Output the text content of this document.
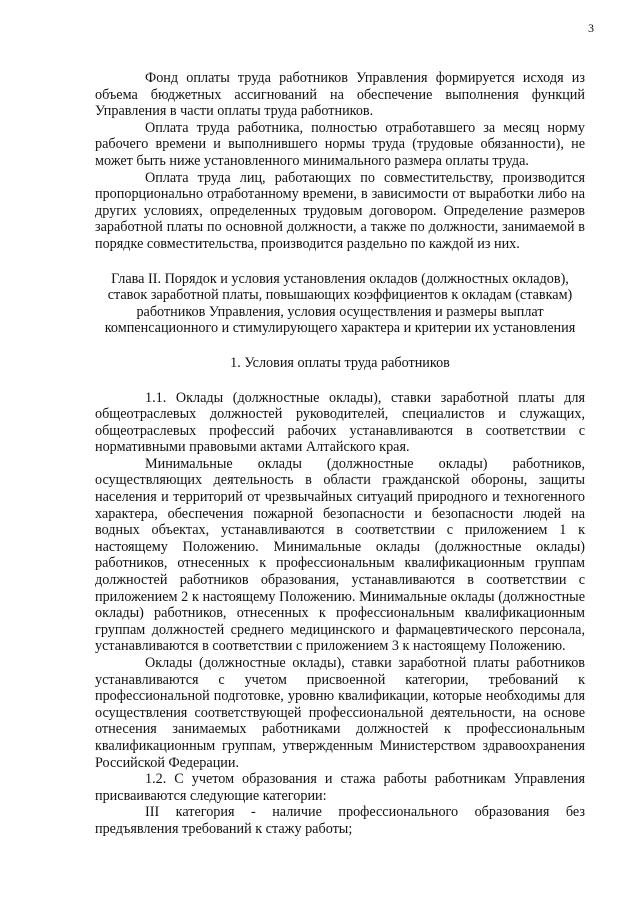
3

Фонд оплаты труда работников Управления формируется исходя из объема бюджетных ассигнований на обеспечение выполнения функций Управления в части оплаты труда работников.

Оплата труда работника, полностью отработавшего за месяц норму рабочего времени и выполнившего нормы труда (трудовые обязанности), не может быть ниже установленного минимального размера оплаты труда.

Оплата труда лиц, работающих по совместительству, производится пропорционально отработанному времени, в зависимости от выработки либо на других условиях, определенных трудовым договором. Определение размеров заработной платы по основной должности, а также по должности, занимаемой в порядке совместительства, производится раздельно по каждой из них.

Глава II. Порядок и условия установления окладов (должностных окладов), ставок заработной платы, повышающих коэффициентов к окладам (ставкам) работников Управления, условия осуществления и размеры выплат компенсационного и стимулирующего характера и критерии их установления

1. Условия оплаты труда работников

1.1. Оклады (должностные оклады), ставки заработной платы для общеотраслевых должностей руководителей, специалистов и служащих, общеотраслевых профессий рабочих устанавливаются в соответствии с нормативными правовыми актами Алтайского края.

Минимальные оклады (должностные оклады) работников, осуществляющих деятельность в области гражданской обороны, защиты населения и территорий от чрезвычайных ситуаций природного и техногенного характера, обеспечения пожарной безопасности и безопасности людей на водных объектах, устанавливаются в соответствии с приложением 1 к настоящему Положению. Минимальные оклады (должностные оклады) работников, отнесенных к профессиональным квалификационным группам должностей работников образования, устанавливаются в соответствии с приложением 2 к настоящему Положению. Минимальные оклады (должностные оклады) работников, отнесенных к профессиональным квалификационным группам должностей среднего медицинского и фармацевтического персонала, устанавливаются в соответствии с приложением 3 к настоящему Положению.

Оклады (должностные оклады), ставки заработной платы работников устанавливаются с учетом присвоенной категории, требований к профессиональной подготовке, уровню квалификации, которые необходимы для осуществления соответствующей профессиональной деятельности, на основе отнесения занимаемых работниками должностей к профессиональным квалификационным группам, утвержденным Министерством здравоохранения Российской Федерации.

1.2. С учетом образования и стажа работы работникам Управления присваиваются следующие категории:

III категория - наличие профессионального образования без предъявления требований к стажу работы;
